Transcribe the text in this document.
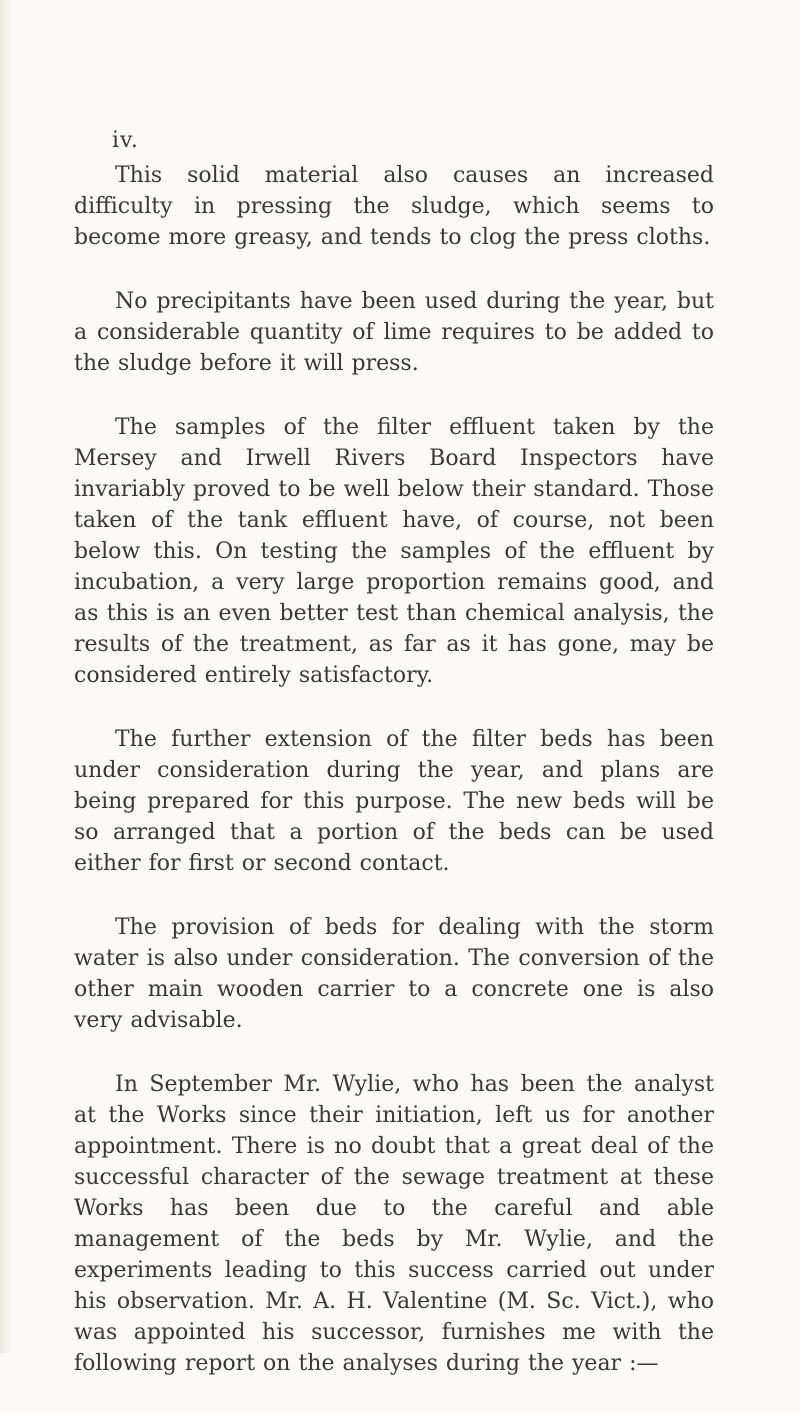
iv.

This solid material also causes an increased difficulty in pressing the sludge, which seems to become more greasy, and tends to clog the press cloths.

No precipitants have been used during the year, but a considerable quantity of lime requires to be added to the sludge before it will press.

The samples of the filter effluent taken by the Mersey and Irwell Rivers Board Inspectors have invariably proved to be well below their standard. Those taken of the tank effluent have, of course, not been below this. On testing the samples of the effluent by incubation, a very large proportion remains good, and as this is an even better test than chemical analysis, the results of the treatment, as far as it has gone, may be considered entirely satisfactory.

The further extension of the filter beds has been under consideration during the year, and plans are being prepared for this purpose. The new beds will be so arranged that a portion of the beds can be used either for first or second contact.

The provision of beds for dealing with the storm water is also under consideration. The conversion of the other main wooden carrier to a concrete one is also very advisable.

In September Mr. Wylie, who has been the analyst at the Works since their initiation, left us for another appointment. There is no doubt that a great deal of the successful character of the sewage treatment at these Works has been due to the careful and able management of the beds by Mr. Wylie, and the experiments leading to this success carried out under his observation. Mr. A. H. Valentine (M. Sc. Vict.), who was appointed his successor, furnishes me with the following report on the analyses during the year :—
